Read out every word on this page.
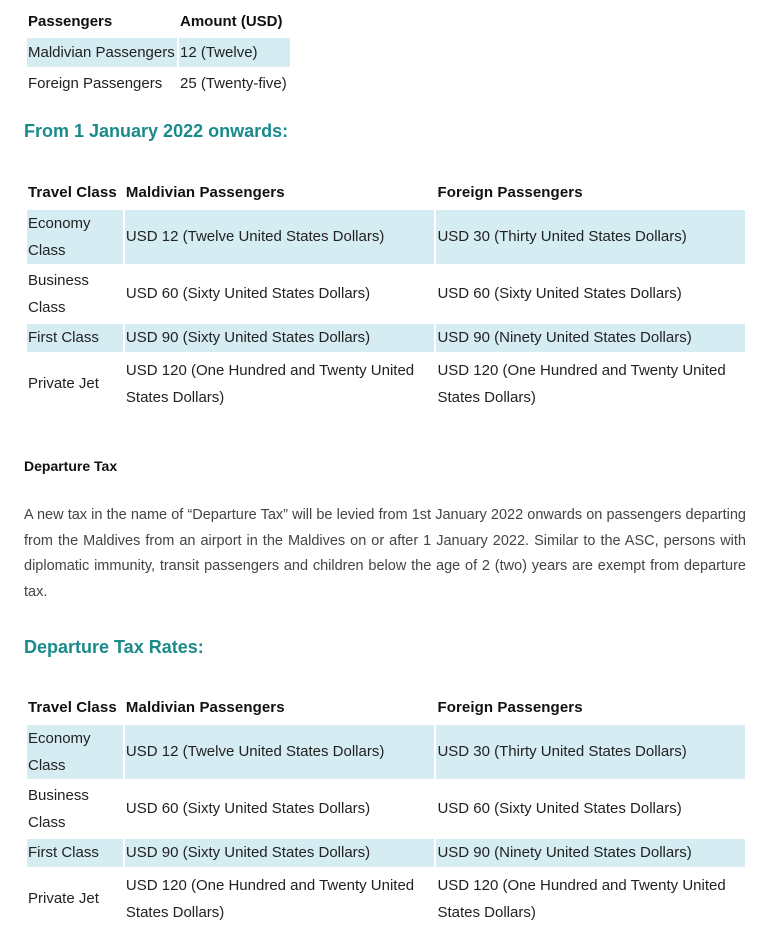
Passengers	Amount (USD)
Maldivian Passengers	12 (Twelve)
Foreign Passengers	25 (Twenty-five)
From 1 January 2022 onwards:
Travel Class	Maldivian Passengers	Foreign Passengers
Economy Class	USD 12 (Twelve United States Dollars)	USD 30 (Thirty United States Dollars)
Business Class	USD 60 (Sixty United States Dollars)	USD 60 (Sixty United States Dollars)
First Class	USD 90 (Sixty United States Dollars)	USD 90 (Ninety United States Dollars)
Private Jet	USD 120 (One Hundred and Twenty United States Dollars)	USD 120 (One Hundred and Twenty United States Dollars)
Departure Tax

A new tax in the name of “Departure Tax” will be levied from 1st January 2022 onwards on passengers departing from the Maldives from an airport in the Maldives on or after 1 January 2022. Similar to the ASC, persons with diplomatic immunity, transit passengers and children below the age of 2 (two) years are exempt from departure tax.

Departure Tax Rates:
Travel Class	Maldivian Passengers	Foreign Passengers
Economy Class	USD 12 (Twelve United States Dollars)	USD 30 (Thirty United States Dollars)
Business Class	USD 60 (Sixty United States Dollars)	USD 60 (Sixty United States Dollars)
First Class	USD 90 (Sixty United States Dollars)	USD 90 (Ninety United States Dollars)
Private Jet	USD 120 (One Hundred and Twenty United States Dollars)	USD 120 (One Hundred and Twenty United States Dollars)
